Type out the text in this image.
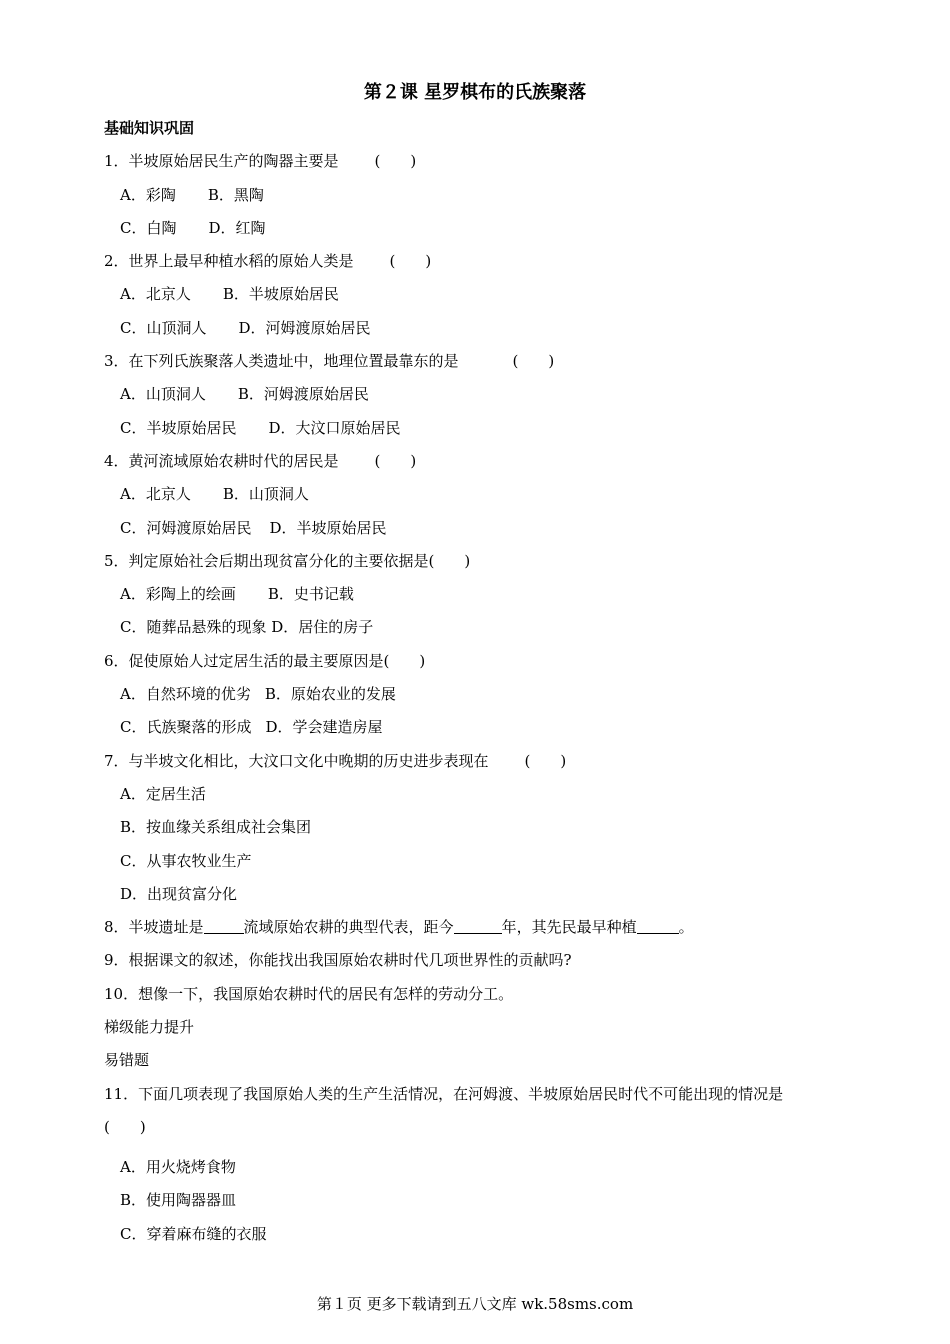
第２课 星罗棋布的氏族聚落
基础知识巩固
1．半坡原始居民生产的陶器主要是 (　　)
A．彩陶 B．黑陶
C．白陶 D．红陶
2．世界上最早种植水稻的原始人类是 (　　)
A．北京人 B．半坡原始居民
C．山顶洞人 D．河姆渡原始居民
3．在下列氏族聚落人类遗址中，地理位置最靠东的是	(　　)
A．山顶洞人 B．河姆渡原始居民
C．半坡原始居民 D．大汶口原始居民
4．黄河流域原始农耕时代的居民是 (　　)
A．北京人 B．山顶洞人
C．河姆渡原始居民 D．半坡原始居民
5．判定原始社会后期出现贫富分化的主要依据是(　　)
A．彩陶上的绘画 B．史书记载
C．随葬品悬殊的现象 D．居住的房子
6．促使原始人过定居生活的最主要原因是(　　)
A．自然环境的优劣 B．原始农业的发展
C．氏族聚落的形成 D．学会建造房屋
7．与半坡文化相比，大汶口文化中晚期的历史进步表现在 (　　)
A．定居生活
B．按血缘关系组成社会集团
C．从事农牧业生产
D．出现贫富分化
8．半坡遗址是	流域原始农耕的典型代表，距今	年，其先民最早种植	。
9．根据课文的叙述，你能找出我国原始农耕时代几项世界性的贡献吗?
10．想像一下，我国原始农耕时代的居民有怎样的劳动分工。
梯级能力提升
易错题
11．下面几项表现了我国原始人类的生产生活情况，在河姆渡、半坡原始居民时代不可能出现的情况是
(　　)
A．用火烧烤食物
B．使用陶器器皿
C．穿着麻布缝的衣服
第１页 更多下载请到五八文库 wk.58sms.com
